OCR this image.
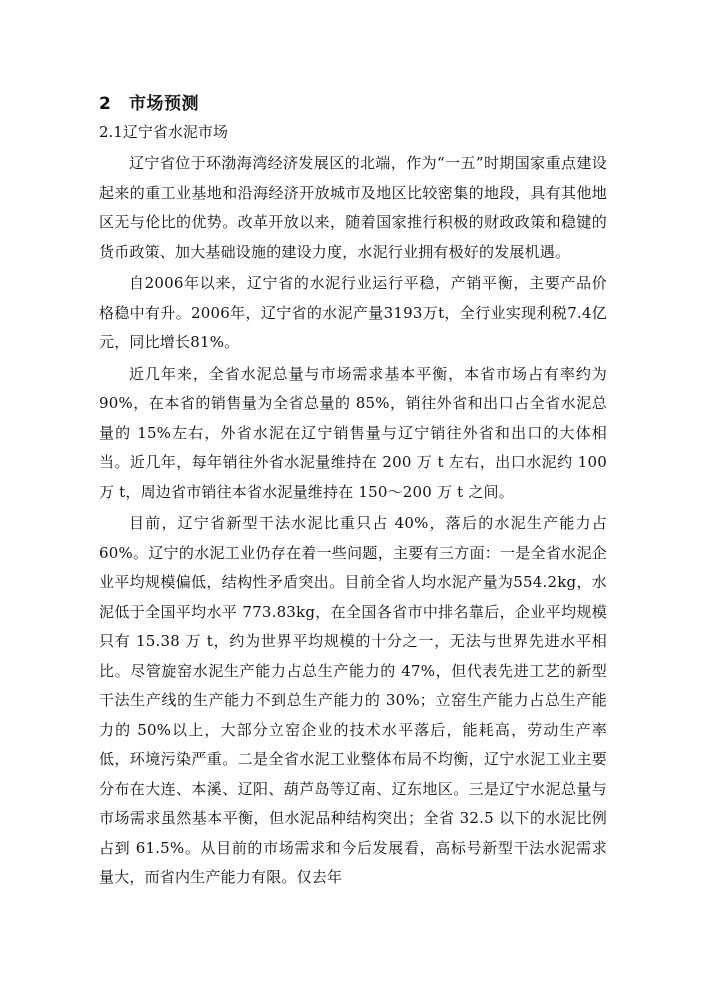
2 市场预测
2.1辽宁省水泥市场

辽宁省位于环渤海湾经济发展区的北端，作为“一五”时期国家重点建设起来的重工业基地和沿海经济开放城市及地区比较密集的地段，具有其他地区无与伦比的优势。改革开放以来，随着国家推行积极的财政政策和稳键的货币政策、加大基础设施的建设力度，水泥行业拥有极好的发展机遇。

自2006年以来，辽宁省的水泥行业运行平稳，产销平衡，主要产品价格稳中有升。2006年，辽宁省的水泥产量3193万t，全行业实现利税7.4亿元，同比增长81%。

近几年来，全省水泥总量与市场需求基本平衡，本省市场占有率约为 90%，在本省的销售量为全省总量的 85%，销往外省和出口占全省水泥总量的 15%左右，外省水泥在辽宁销售量与辽宁销往外省和出口的大体相当。近几年，每年销往外省水泥量维持在 200 万 t 左右，出口水泥约 100 万 t，周边省市销往本省水泥量维持在 150～200 万 t 之间。

目前，辽宁省新型干法水泥比重只占 40%，落后的水泥生产能力占60%。辽宁的水泥工业仍存在着一些问题，主要有三方面：一是全省水泥企业平均规模偏低，结构性矛盾突出。目前全省人均水泥产量为554.2kg，水泥低于全国平均水平 773.83kg，在全国各省市中排名靠后，企业平均规模只有 15.38 万 t，约为世界平均规模的十分之一，无法与世界先进水平相比。尽管旋窑水泥生产能力占总生产能力的 47%，但代表先进工艺的新型干法生产线的生产能力不到总生产能力的 30%；立窑生产能力占总生产能力的 50%以上，大部分立窑企业的技术水平落后，能耗高，劳动生产率低，环境污染严重。二是全省水泥工业整体布局不均衡，辽宁水泥工业主要分布在大连、本溪、辽阳、葫芦岛等辽南、辽东地区。三是辽宁水泥总量与市场需求虽然基本平衡，但水泥品种结构突出；全省 32.5 以下的水泥比例占到 61.5%。从目前的市场需求和今后发展看，高标号新型干法水泥需求量大，而省内生产能力有限。仅去年
